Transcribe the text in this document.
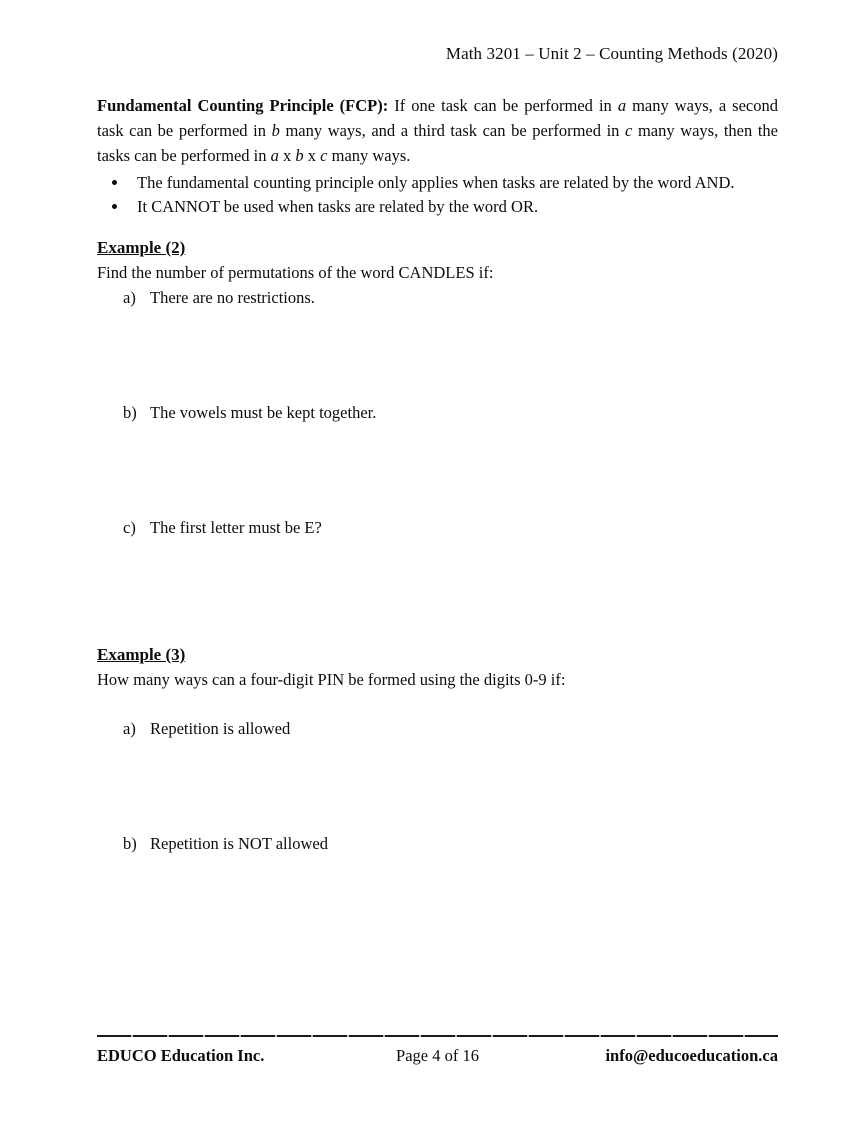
Math 3201 – Unit 2 – Counting Methods (2020)

Fundamental Counting Principle (FCP): If one task can be performed in a many ways, a second task can be performed in b many ways, and a third task can be performed in c many ways, then the tasks can be performed in a x b x c many ways.

• The fundamental counting principle only applies when tasks are related by the word AND.
• It CANNOT be used when tasks are related by the word OR.

Example (2)

Find the number of permutations of the word CANDLES if:

a) There are no restrictions.
b) The vowels must be kept together.
c) The first letter must be E?

Example (3)

How many ways can a four-digit PIN be formed using the digits 0-9 if:

a) Repetition is allowed
b) Repetition is NOT allowed
EDUCO Education Inc.	Page 4 of 16	info@educoeducation.ca
